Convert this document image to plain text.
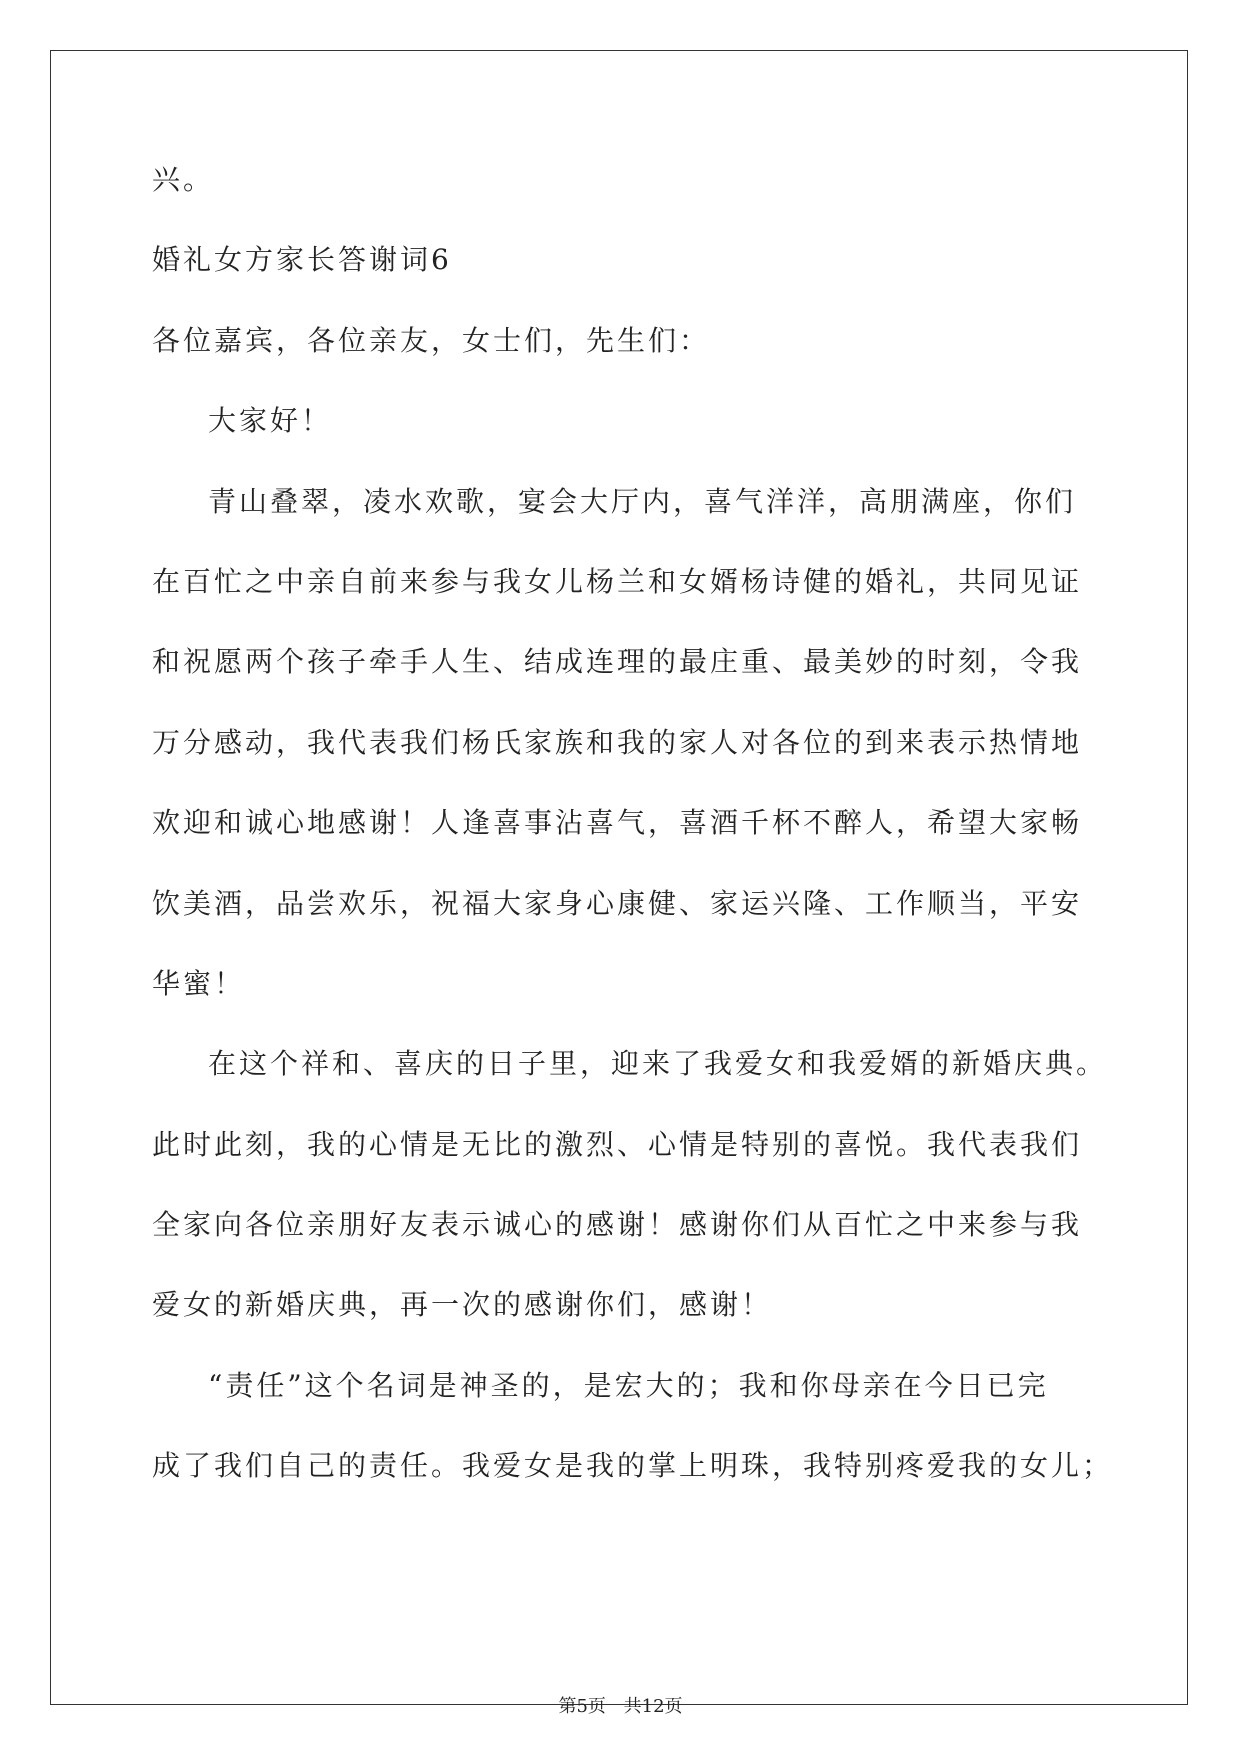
兴。
婚礼女方家长答谢词6
各位嘉宾，各位亲友，女士们，先生们：
大家好！
青山叠翠，凌水欢歌，宴会大厅内，喜气洋洋，高朋满座，你们
在百忙之中亲自前来参与我女儿杨兰和女婿杨诗健的婚礼，共同见证
和祝愿两个孩子牵手人生、结成连理的最庄重、最美妙的时刻，令我
万分感动，我代表我们杨氏家族和我的家人对各位的到来表示热情地
欢迎和诚心地感谢！人逢喜事沾喜气，喜酒千杯不醉人，希望大家畅
饮美酒，品尝欢乐，祝福大家身心康健、家运兴隆、工作顺当，平安
华蜜！
在这个祥和、喜庆的日子里，迎来了我爱女和我爱婿的新婚庆典。
此时此刻，我的心情是无比的激烈、心情是特别的喜悦。我代表我们
全家向各位亲朋好友表示诚心的感谢！感谢你们从百忙之中来参与我
爱女的新婚庆典，再一次的感谢你们，感谢！
“责任”这个名词是神圣的，是宏大的；我和你母亲在今日已完
成了我们自己的责任。我爱女是我的掌上明珠，我特别疼爱我的女儿；
第5页 共12页
